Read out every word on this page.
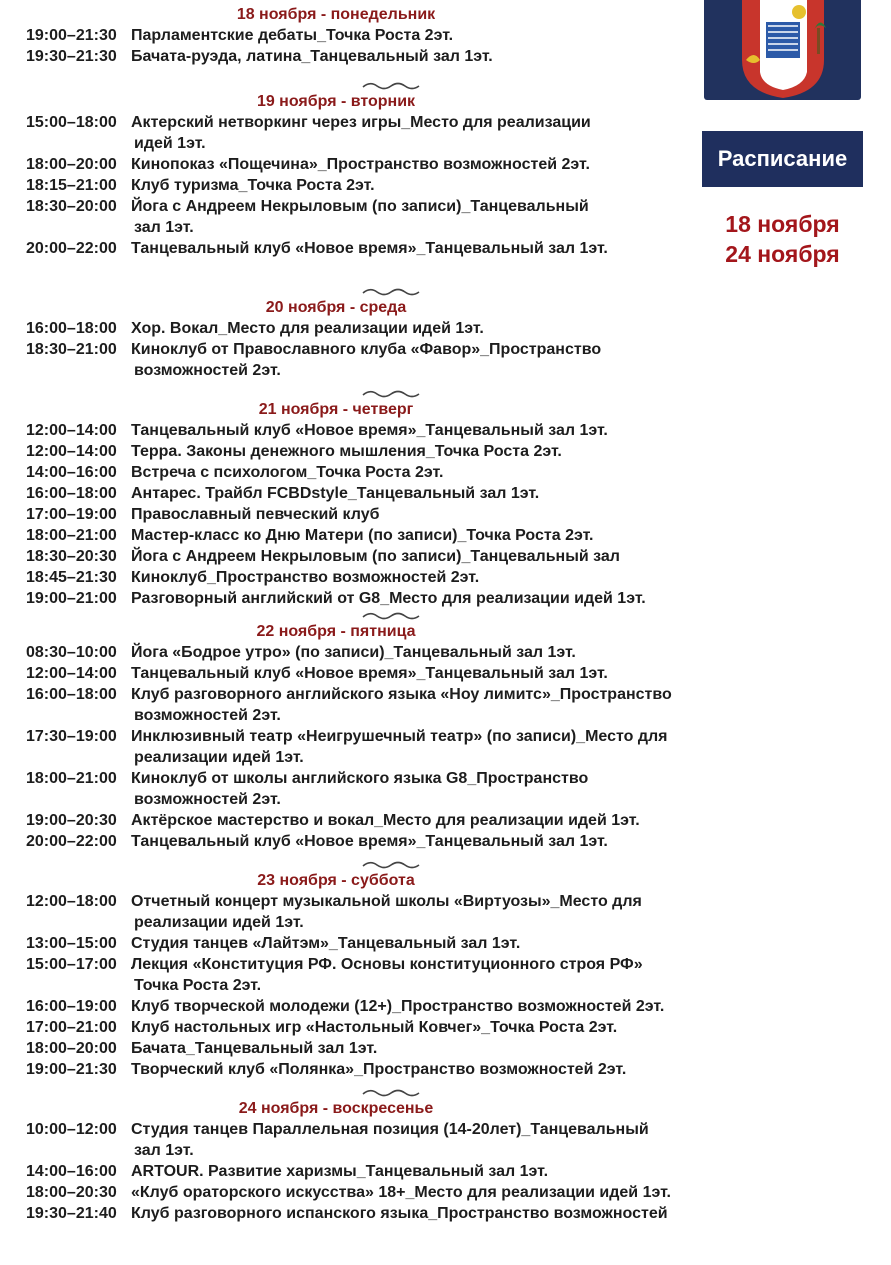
18 ноября - понедельник
19:00–21:30 Парламентские дебаты_Точка Роста 2эт.
19:30–21:30 Бачата-руэда, латина_Танцевальный зал 1эт.
19 ноября - вторник
15:00–18:00 Актерский нетворкинг через игры_Место для реализации
идей 1эт.
18:00–20:00 Кинопоказ «Пощечина»_Пространство возможностей 2эт.
18:15–21:00 Клуб туризма_Точка Роста 2эт.
18:30–20:00 Йога с Андреем Некрыловым (по записи)_Танцевальный
зал 1эт.
20:00–22:00 Танцевальный клуб «Новое время»_Танцевальный зал 1эт.
20 ноября - среда
16:00–18:00 Хор. Вокал_Место для реализации идей 1эт.
18:30–21:00 Киноклуб от Православного клуба «Фавор»_Пространство
возможностей 2эт.
21 ноября - четверг
12:00–14:00 Танцевальный клуб «Новое время»_Танцевальный зал 1эт.
12:00–14:00 Терра. Законы денежного мышления_Точка Роста 2эт.
14:00–16:00 Встреча с психологом_Точка Роста 2эт.
16:00–18:00 Антарес. Трайбл FCBDstyle_Танцевальный зал 1эт.
17:00–19:00 Православный певческий клуб
18:00–21:00 Мастер-класс ко Дню Матери (по записи)_Точка Роста 2эт.
18:30–20:30 Йога с Андреем Некрыловым (по записи)_Танцевальный зал
18:45–21:30 Киноклуб_Пространство возможностей 2эт.
19:00–21:00 Разговорный английский от G8_Место для реализации идей 1эт.
22 ноября - пятница
08:30–10:00 Йога «Бодрое утро» (по записи)_Танцевальный зал 1эт.
12:00–14:00 Танцевальный клуб «Новое время»_Танцевальный зал 1эт.
16:00–18:00 Клуб разговорного английского языка «Ноу лимитс»_Пространство
возможностей 2эт.
17:30–19:00 Инклюзивный театр «Неигрушечный театр» (по записи)_Место для
реализации идей 1эт.
18:00–21:00 Киноклуб от школы английского языка G8_Пространство
возможностей 2эт.
19:00–20:30 Актёрское мастерство и вокал_Место для реализации идей 1эт.
20:00–22:00 Танцевальный клуб «Новое время»_Танцевальный зал 1эт.
23 ноября - суббота
12:00–18:00 Отчетный концерт музыкальной школы «Виртуозы»_Место для
реализации идей 1эт.
13:00–15:00 Студия танцев «Лайтэм»_Танцевальный зал 1эт.
15:00–17:00 Лекция «Конституция РФ. Основы конституционного строя РФ»
Точка Роста 2эт.
16:00–19:00 Клуб творческой молодежи (12+)_Пространство возможностей 2эт.
17:00–21:00 Клуб настольных игр «Настольный Ковчег»_Точка Роста 2эт.
18:00–20:00 Бачата_Танцевальный зал 1эт.
19:00–21:30 Творческий клуб «Полянка»_Пространство возможностей 2эт.
24 ноября - воскресенье
10:00–12:00 Студия танцев Параллельная позиция (14-20лет)_Танцевальный
зал 1эт.
14:00–16:00 ARTOUR. Развитие харизмы_Танцевальный зал 1эт.
18:00–20:30 «Клуб ораторского искусства» 18+_Место для реализации идей 1эт.
19:30–21:40 Клуб разговорного испанского языка_Пространство возможностей
Расписание
18 ноября
24 ноября
